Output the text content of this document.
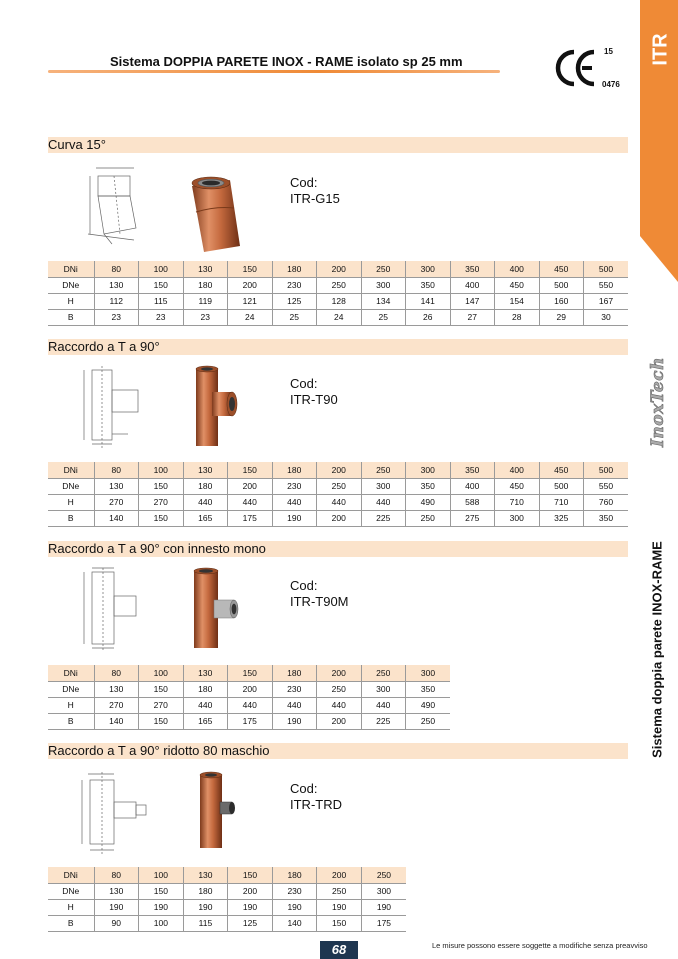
Sistema DOPPIA PARETE INOX - RAME isolato sp 25 mm
15
0476
ITR
InoxTech
Sistema doppia parete INOX-RAME
Curva 15°
Cod:
ITR-G15
DNi	80	100	130	150	180	200	250	300	350	400	450	500
DNe	130	150	180	200	230	250	300	350	400	450	500	550
H	112	115	119	121	125	128	134	141	147	154	160	167
B	23	23	23	24	25	24	25	26	27	28	29	30
Raccordo a T a 90°
Cod:
ITR-T90
DNi	80	100	130	150	180	200	250	300	350	400	450	500
DNe	130	150	180	200	230	250	300	350	400	450	500	550
H	270	270	440	440	440	440	440	490	588	710	710	760
B	140	150	165	175	190	200	225	250	275	300	325	350
Raccordo a T a 90° con innesto mono
Cod:
ITR-T90M
DNi	80	100	130	150	180	200	250	300
DNe	130	150	180	200	230	250	300	350
H	270	270	440	440	440	440	440	490
B	140	150	165	175	190	200	225	250
Raccordo a T a 90° ridotto 80 maschio
Cod:
ITR-TRD
DNi	80	100	130	150	180	200	250
DNe	130	150	180	200	230	250	300
H	190	190	190	190	190	190	190
B	90	100	115	125	140	150	175
68	Le misure possono essere soggette a modifiche senza preavviso
